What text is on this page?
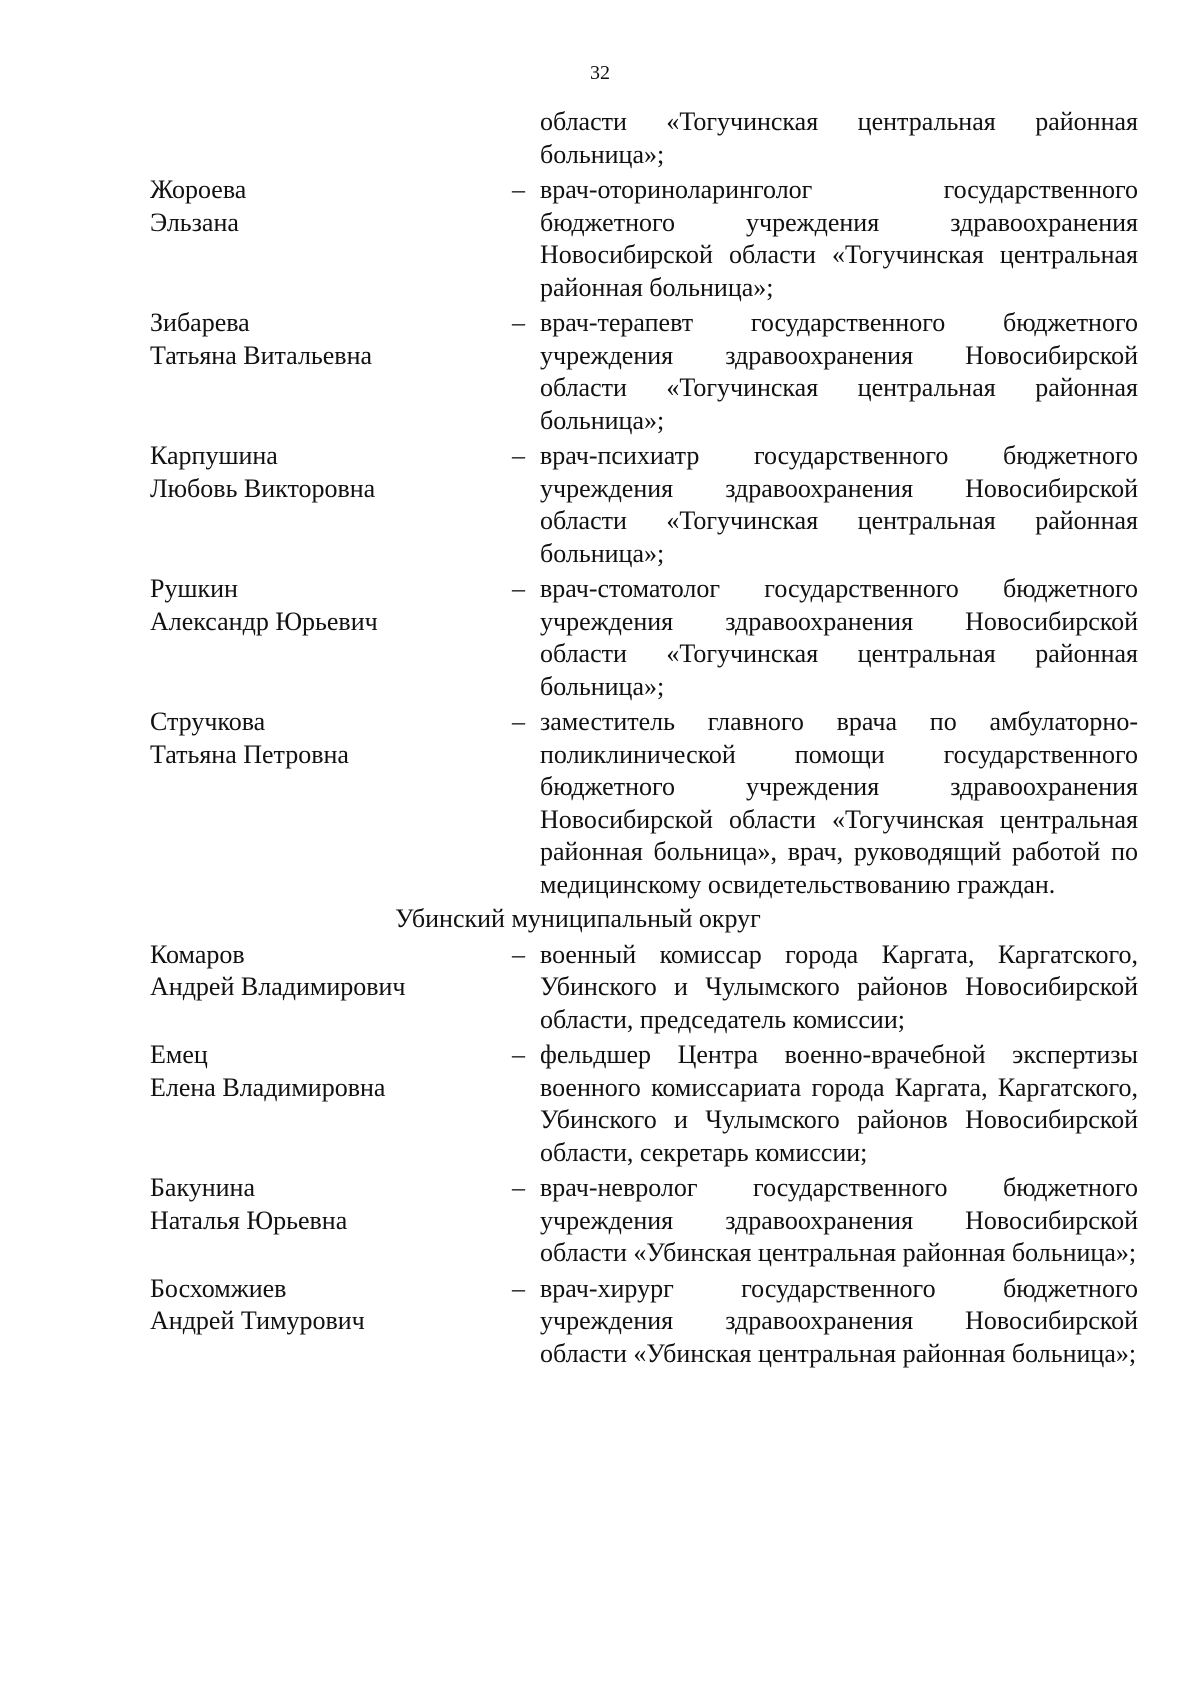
32
области «Тогучинская центральная районная больница»;
Жороева
Эльзана
– врач-оториноларинголог государственного бюджетного учреждения здравоохранения Новосибирской области «Тогучинская центральная районная больница»;
Зибарева
Татьяна Витальевна
– врач-терапевт государственного бюджетного учреждения здравоохранения Новосибирской области «Тогучинская центральная районная больница»;
Карпушина
Любовь Викторовна
– врач-психиатр государственного бюджетного учреждения здравоохранения Новосибирской области «Тогучинская центральная районная больница»;
Рушкин
Александр Юрьевич
– врач-стоматолог государственного бюджетного учреждения здравоохранения Новосибирской области «Тогучинская центральная районная больница»;
Стручкова
Татьяна Петровна
– заместитель главного врача по амбулаторно-поликлинической помощи государственного бюджетного учреждения здравоохранения Новосибирской области «Тогучинская центральная районная больница», врач, руководящий работой по медицинскому освидетельствованию граждан.
Убинский муниципальный округ
Комаров
Андрей Владимирович
– военный комиссар города Каргата, Каргатского, Убинского и Чулымского районов Новосибирской области, председатель комиссии;
Емец
Елена Владимировна
– фельдшер Центра военно-врачебной экспертизы военного комиссариата города Каргата, Каргатского, Убинского и Чулымского районов Новосибирской области, секретарь комиссии;
Бакунина
Наталья Юрьевна
– врач-невролог государственного бюджетного учреждения здравоохранения Новосибирской области «Убинская центральная районная больница»;
Босхомжиев
Андрей Тимурович
– врач-хирург государственного бюджетного учреждения здравоохранения Новосибирской области «Убинская центральная районная больница»;
